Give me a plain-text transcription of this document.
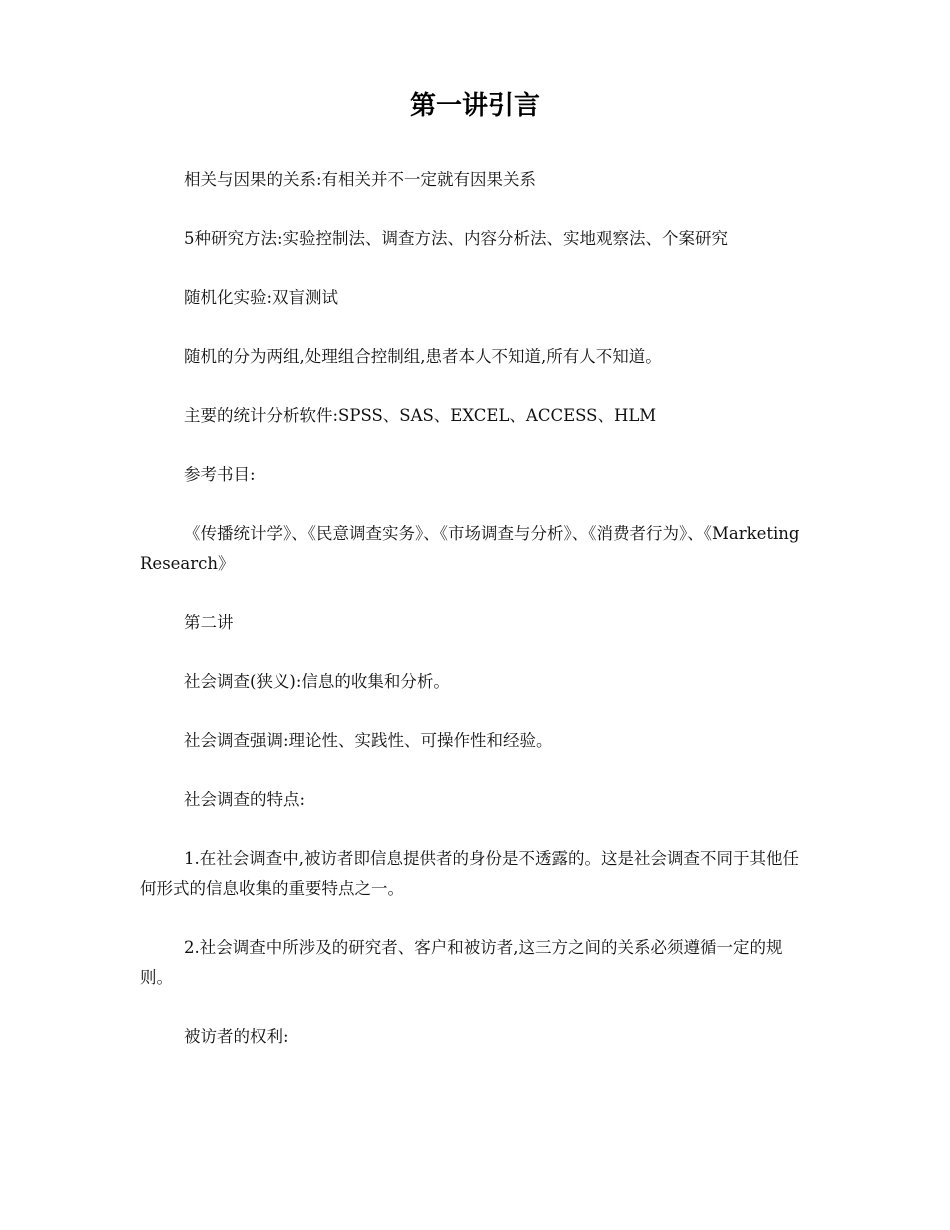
第一讲引言

相关与因果的关系:有相关并不一定就有因果关系

5种研究方法:实验控制法、调查方法、内容分析法、实地观察法、个案研究

随机化实验:双盲测试

随机的分为两组,处理组合控制组,患者本人不知道,所有人不知道。

主要的统计分析软件:SPSS、SAS、EXCEL、ACCESS、HLM

参考书目:

《传播统计学》、《民意调查实务》、《市场调查与分析》、《消费者行为》、《Marketing Research》

第二讲

社会调查(狭义):信息的收集和分析。

社会调查强调:理论性、实践性、可操作性和经验。

社会调查的特点:

1.在社会调查中,被访者即信息提供者的身份是不透露的。这是社会调查不同于其他任何形式的信息收集的重要特点之一。

2.社会调查中所涉及的研究者、客户和被访者,这三方之间的关系必须遵循一定的规则。

被访者的权利:
